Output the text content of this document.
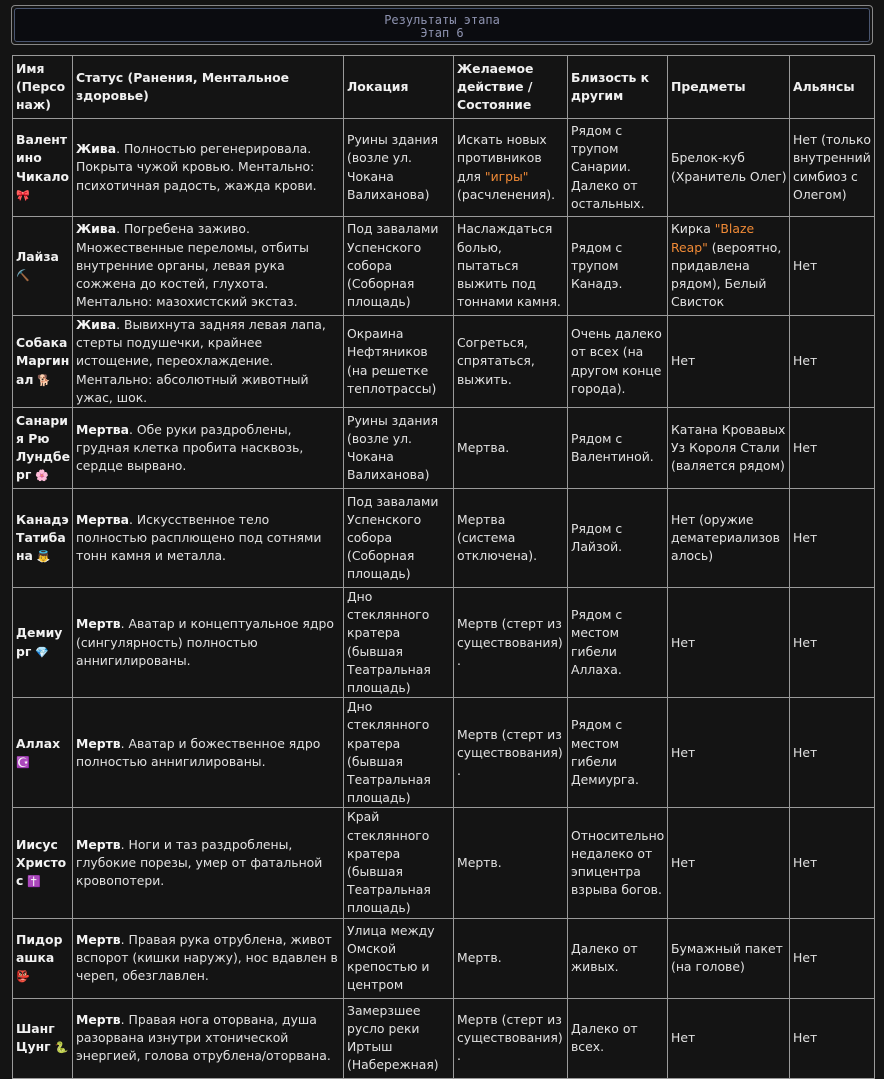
Результаты этапа
Этап 6
Имя (Персонаж)	Статус (Ранения, Ментальное здоровье)	Локация	Желаемое действие / Состояние	Близость к другим	Предметы	Альянсы
Валентино Чикало 🎀	Жива. Полностью регенерировала. Покрыта чужой кровью. Ментально: психотичная радость, жажда крови.	Руины здания (возле ул. Чокана Валиханова)	Искать новых противников для "игры" (расчленения).	Рядом с трупом Санарии. Далеко от остальных.	Брелок-куб (Хранитель Олег)	Нет (только внутренний симбиоз с Олегом)
Лайза ⛏️	Жива. Погребена заживо. Множественные переломы, отбиты внутренние органы, левая рука сожжена до костей, глухота. Ментально: мазохистский экстаз.	Под завалами Успенского собора (Соборная площадь)	Наслаждаться болью, пытаться выжить под тоннами камня.	Рядом с трупом Канадэ.	Кирка "Blaze Reap" (вероятно, придавлена рядом), Белый Свисток	Нет
Собака Маргинал 🐕	Жива. Вывихнута задняя левая лапа, стерты подушечки, крайнее истощение, переохлаждение. Ментально: абсолютный животный ужас, шок.	Окраина Нефтяников (на решетке теплотрассы)	Согреться, спрятаться, выжить.	Очень далеко от всех (на другом конце города).	Нет	Нет
Санария Рю Лундберг 🌸	Мертва. Обе руки раздроблены, грудная клетка пробита насквозь, сердце вырвано.	Руины здания (возле ул. Чокана Валиханова)	Мертва.	Рядом с Валентиной.	Катана Кровавых Уз Короля Стали (валяется рядом)	Нет
Канадэ Татибана 👼	Мертва. Искусственное тело полностью расплющено под сотнями тонн камня и металла.	Под завалами Успенского собора (Соборная площадь)	Мертва (система отключена).	Рядом с Лайзой.	Нет (оружие дематериализовалось)	Нет
Демиург 💎	Мертв. Аватар и концептуальное ядро (сингулярность) полностью аннигилированы.	Дно стеклянного кратера (бывшая Театральная площадь)	Мертв (стерт из существования).	Рядом с местом гибели Аллаха.	Нет	Нет
Аллах ☪️	Мертв. Аватар и божественное ядро полностью аннигилированы.	Дно стеклянного кратера (бывшая Театральная площадь)	Мертв (стерт из существования).	Рядом с местом гибели Демиурга.	Нет	Нет
Иисус Христос ✝️	Мертв. Ноги и таз раздроблены, глубокие порезы, умер от фатальной кровопотери.	Край стеклянного кратера (бывшая Театральная площадь)	Мертв.	Относительно недалеко от эпицентра взрыва богов.	Нет	Нет
Пидорашка 👺	Мертв. Правая рука отрублена, живот вспорот (кишки наружу), нос вдавлен в череп, обезглавлен.	Улица между Омской крепостью и центром	Мертв.	Далеко от живых.	Бумажный пакет (на голове)	Нет
Шанг Цунг 🐍	Мертв. Правая нога оторвана, душа разорвана изнутри хтонической энергией, голова отрублена/оторвана.	Замерзшее русло реки Иртыш (Набережная)	Мертв (стерт из существования).	Далеко от всех.	Нет	Нет
